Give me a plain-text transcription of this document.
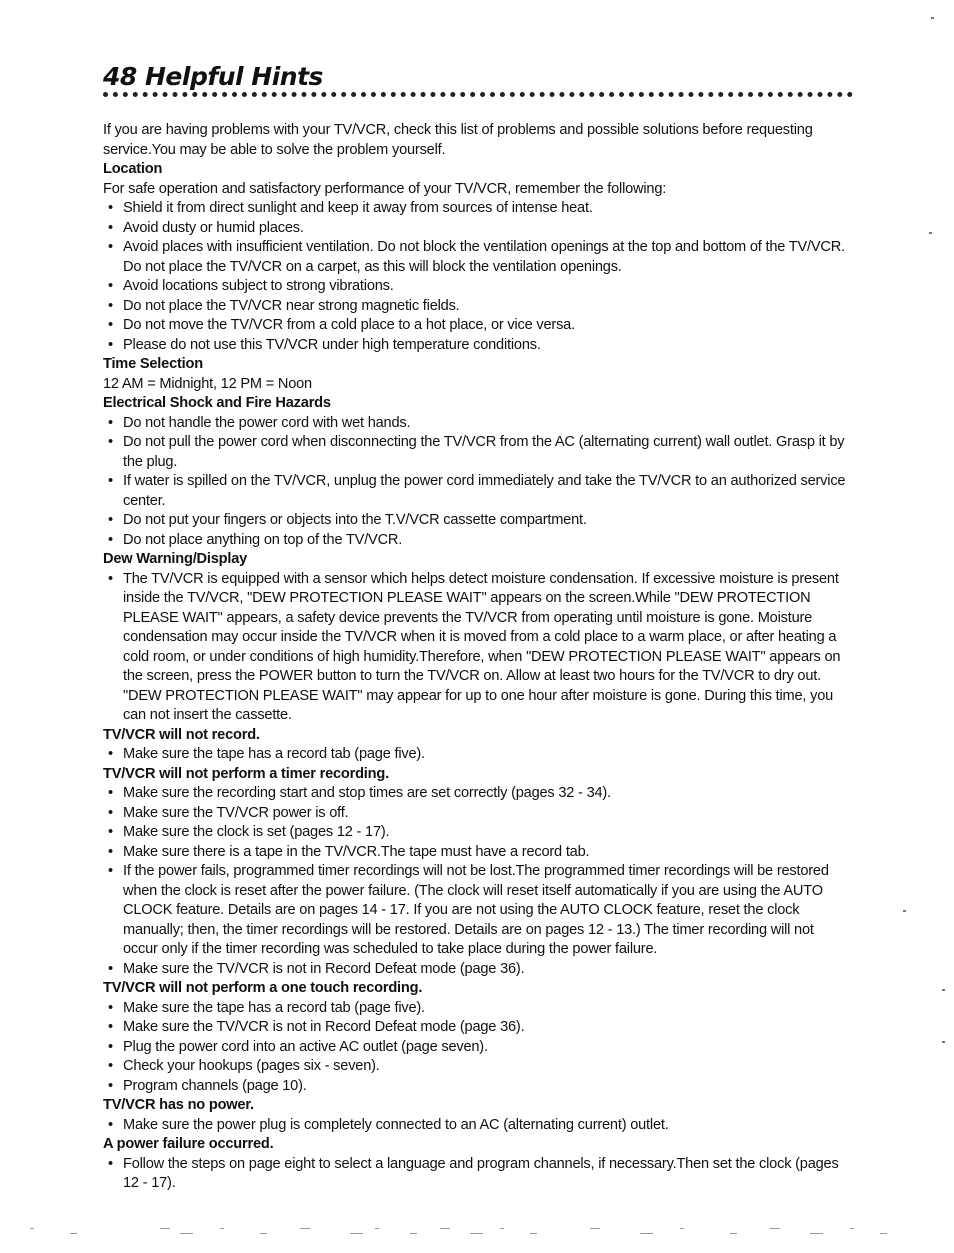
48 Helpful Hints

If you are having problems with your TV/VCR, check this list of problems and possible solutions before requesting service.You may be able to solve the problem yourself.

Location

For safe operation and satisfactory performance of your TV/VCR, remember the following:

• Shield it from direct sunlight and keep it away from sources of intense heat.
• Avoid dusty or humid places.
• Avoid places with insufficient ventilation. Do not block the ventilation openings at the top and bottom of the TV/VCR. Do not place the TV/VCR on a carpet, as this will block the ventilation openings.
• Avoid locations subject to strong vibrations.
• Do not place the TV/VCR near strong magnetic fields.
• Do not move the TV/VCR from a cold place to a hot place, or vice versa.
• Please do not use this TV/VCR under high temperature conditions.

Time Selection

12 AM = Midnight, 12 PM = Noon

Electrical Shock and Fire Hazards

• Do not handle the power cord with wet hands.
• Do not pull the power cord when disconnecting the TV/VCR from the AC (alternating current) wall outlet. Grasp it by the plug.
• If water is spilled on the TV/VCR, unplug the power cord immediately and take the TV/VCR to an authorized service center.
• Do not put your fingers or objects into the T.V/VCR cassette compartment.
• Do not place anything on top of the TV/VCR.

Dew Warning/Display

• The TV/VCR is equipped with a sensor which helps detect moisture condensation. If excessive moisture is present inside the TV/VCR, "DEW PROTECTION PLEASE WAIT" appears on the screen.While "DEW PROTECTION PLEASE WAIT" appears, a safety device prevents the TV/VCR from operating until moisture is gone. Moisture condensation may occur inside the TV/VCR when it is moved from a cold place to a warm place, or after heating a cold room, or under conditions of high humidity.Therefore, when "DEW PROTECTION PLEASE WAIT" appears on the screen, press the POWER button to turn the TV/VCR on. Allow at least two hours for the TV/VCR to dry out. "DEW PROTECTION PLEASE WAIT" may appear for up to one hour after moisture is gone. During this time, you can not insert the cassette.

TV/VCR will not record.

• Make sure the tape has a record tab (page five).

TV/VCR will not perform a timer recording.

• Make sure the recording start and stop times are set correctly (pages 32 - 34).
• Make sure the TV/VCR power is off.
• Make sure the clock is set (pages 12 - 17).
• Make sure there is a tape in the TV/VCR.The tape must have a record tab.
• If the power fails, programmed timer recordings will not be lost.The programmed timer recordings will be restored when the clock is reset after the power failure. (The clock will reset itself automatically if you are using the AUTO CLOCK feature. Details are on pages 14 - 17. If you are not using the AUTO CLOCK feature, reset the clock manually; then, the timer recordings will be restored. Details are on pages 12 - 13.) The timer recording will not occur only if the timer recording was scheduled to take place during the power failure.
• Make sure the TV/VCR is not in Record Defeat mode (page 36).

TV/VCR will not perform a one touch recording.

• Make sure the tape has a record tab (page five).
• Make sure the TV/VCR is not in Record Defeat mode (page 36).
• Plug the power cord into an active AC outlet (page seven).
• Check your hookups (pages six - seven).
• Program channels (page 10).

TV/VCR has no power.

• Make sure the power plug is completely connected to an AC (alternating current) outlet.

A power failure occurred.

• Follow the steps on page eight to select a language and program channels, if necessary.Then set the clock (pages 12 - 17).
